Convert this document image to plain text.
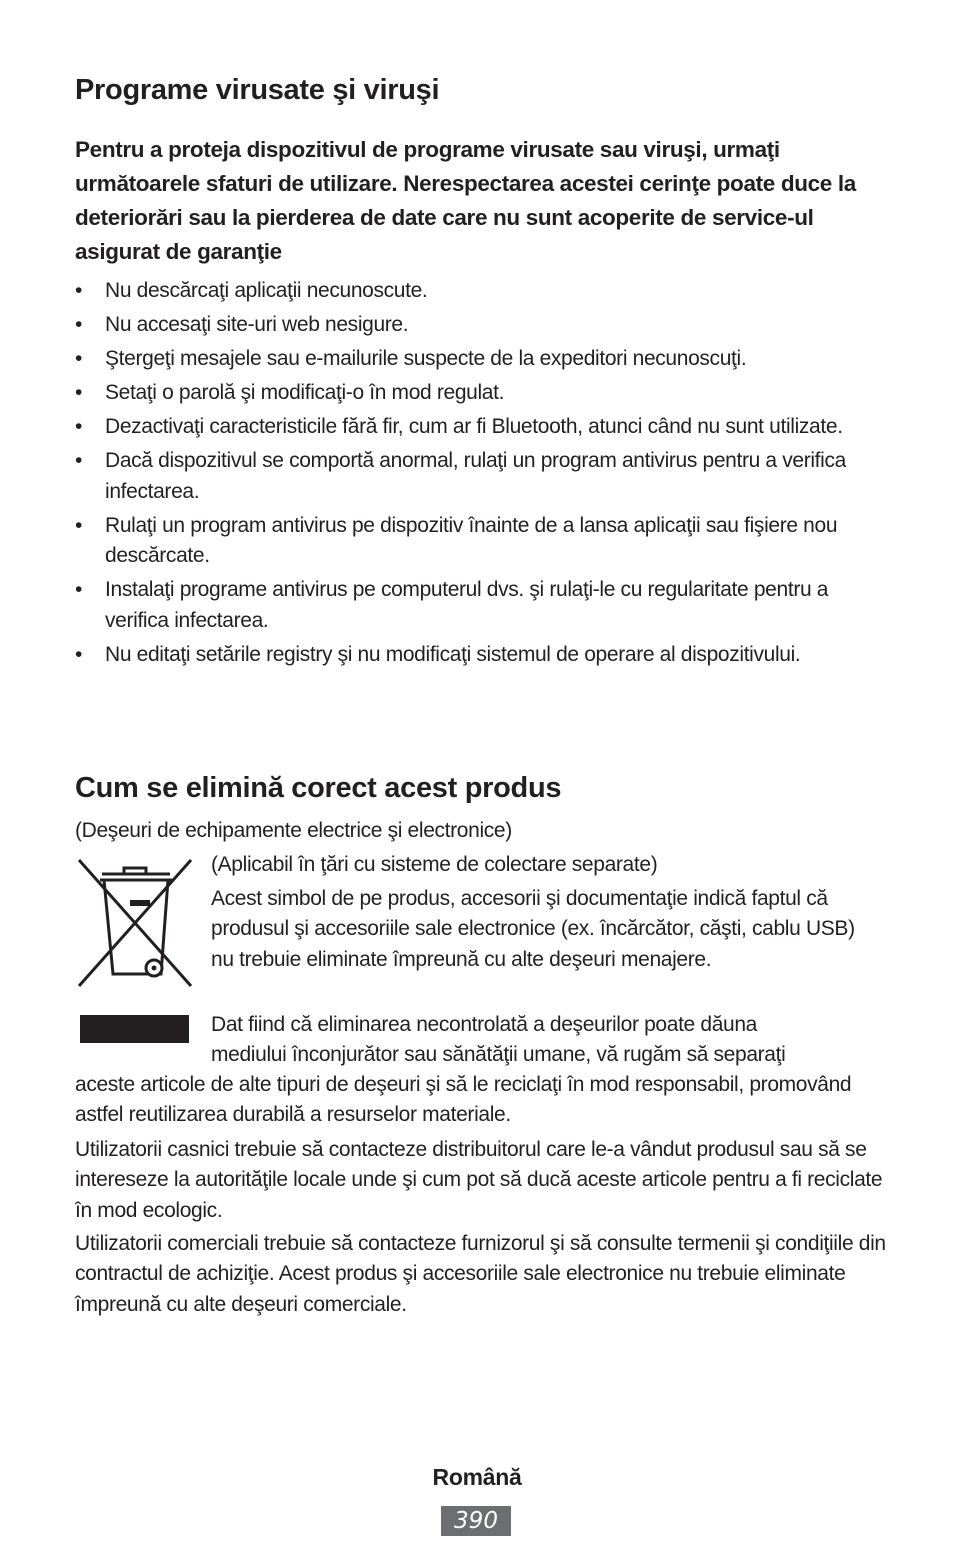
Programe virusate şi viruşi

Pentru a proteja dispozitivul de programe virusate sau viruşi, urmaţi următoarele sfaturi de utilizare. Nerespectarea acestei cerinţe poate duce la deteriorări sau la pierderea de date care nu sunt acoperite de service-ul asigurat de garanţie

• Nu descărcaţi aplicaţii necunoscute.
• Nu accesaţi site-uri web nesigure.
• Ştergeţi mesajele sau e-mailurile suspecte de la expeditori necunoscuţi.
• Setaţi o parolă şi modificaţi-o în mod regulat.
• Dezactivaţi caracteristicile fără fir, cum ar fi Bluetooth, atunci când nu sunt utilizate.
• Dacă dispozitivul se comportă anormal, rulaţi un program antivirus pentru a verifica infectarea.
• Rulaţi un program antivirus pe dispozitiv înainte de a lansa aplicaţii sau fişiere nou descărcate.
• Instalaţi programe antivirus pe computerul dvs. şi rulaţi-le cu regularitate pentru a verifica infectarea.
• Nu editaţi setările registry şi nu modificaţi sistemul de operare al dispozitivului.
Cum se elimină corect acest produs

(Deşeuri de echipamente electrice şi electronice)

(Aplicabil în ţări cu sisteme de colectare separate)

Acest simbol de pe produs, accesorii şi documentaţie indică faptul că produsul şi accesoriile sale electronice (ex. încărcător, căşti, cablu USB) nu trebuie eliminate împreună cu alte deşeuri menajere.

Dat fiind că eliminarea necontrolată a deşeurilor poate dăuna

mediului înconjurător sau sănătăţii umane, vă rugăm să separaţi

aceste articole de alte tipuri de deşeuri şi să le reciclaţi în mod responsabil, promovând astfel reutilizarea durabilă a resurselor materiale.

Utilizatorii casnici trebuie să contacteze distribuitorul care le-a vândut produsul sau să se intereseze la autorităţile locale unde şi cum pot să ducă aceste articole pentru a fi reciclate în mod ecologic.

Utilizatorii comerciali trebuie să contacteze furnizorul şi să consulte termenii şi condiţiile din contractul de achiziţie. Acest produs şi accesoriile sale electronice nu trebuie eliminate împreună cu alte deşeuri comerciale.

Română
390
